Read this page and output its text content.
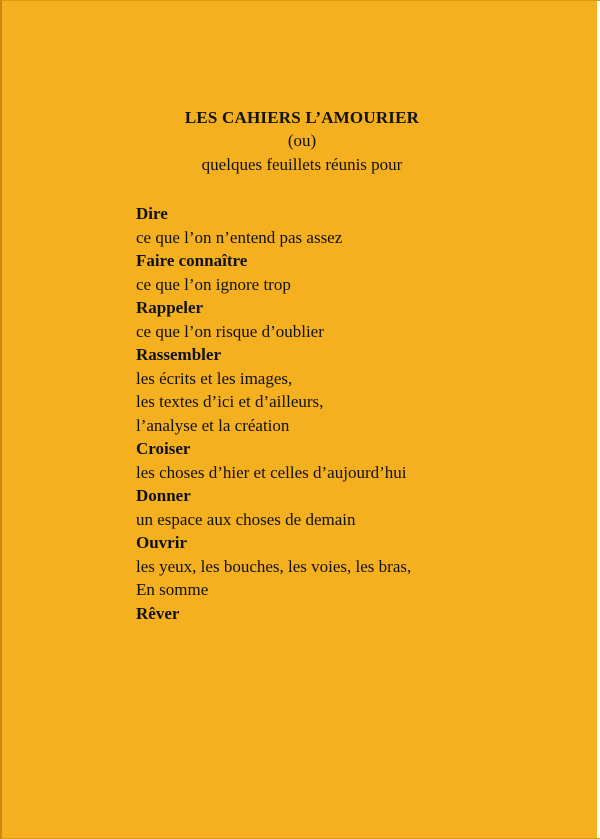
LES CAHIERS L’AMOURIER
(ou)
quelques feuillets réunis pour
Dire
ce que l’on n’entend pas assez
Faire connaître
ce que l’on ignore trop
Rappeler
ce que l’on risque d’oublier
Rassembler
les écrits et les images,
les textes d’ici et d’ailleurs,
l’analyse et la création
Croiser
les choses d’hier et celles d’aujourd’hui
Donner
un espace aux choses de demain
Ouvrir
les yeux, les bouches, les voies, les bras,
En somme
Rêver
